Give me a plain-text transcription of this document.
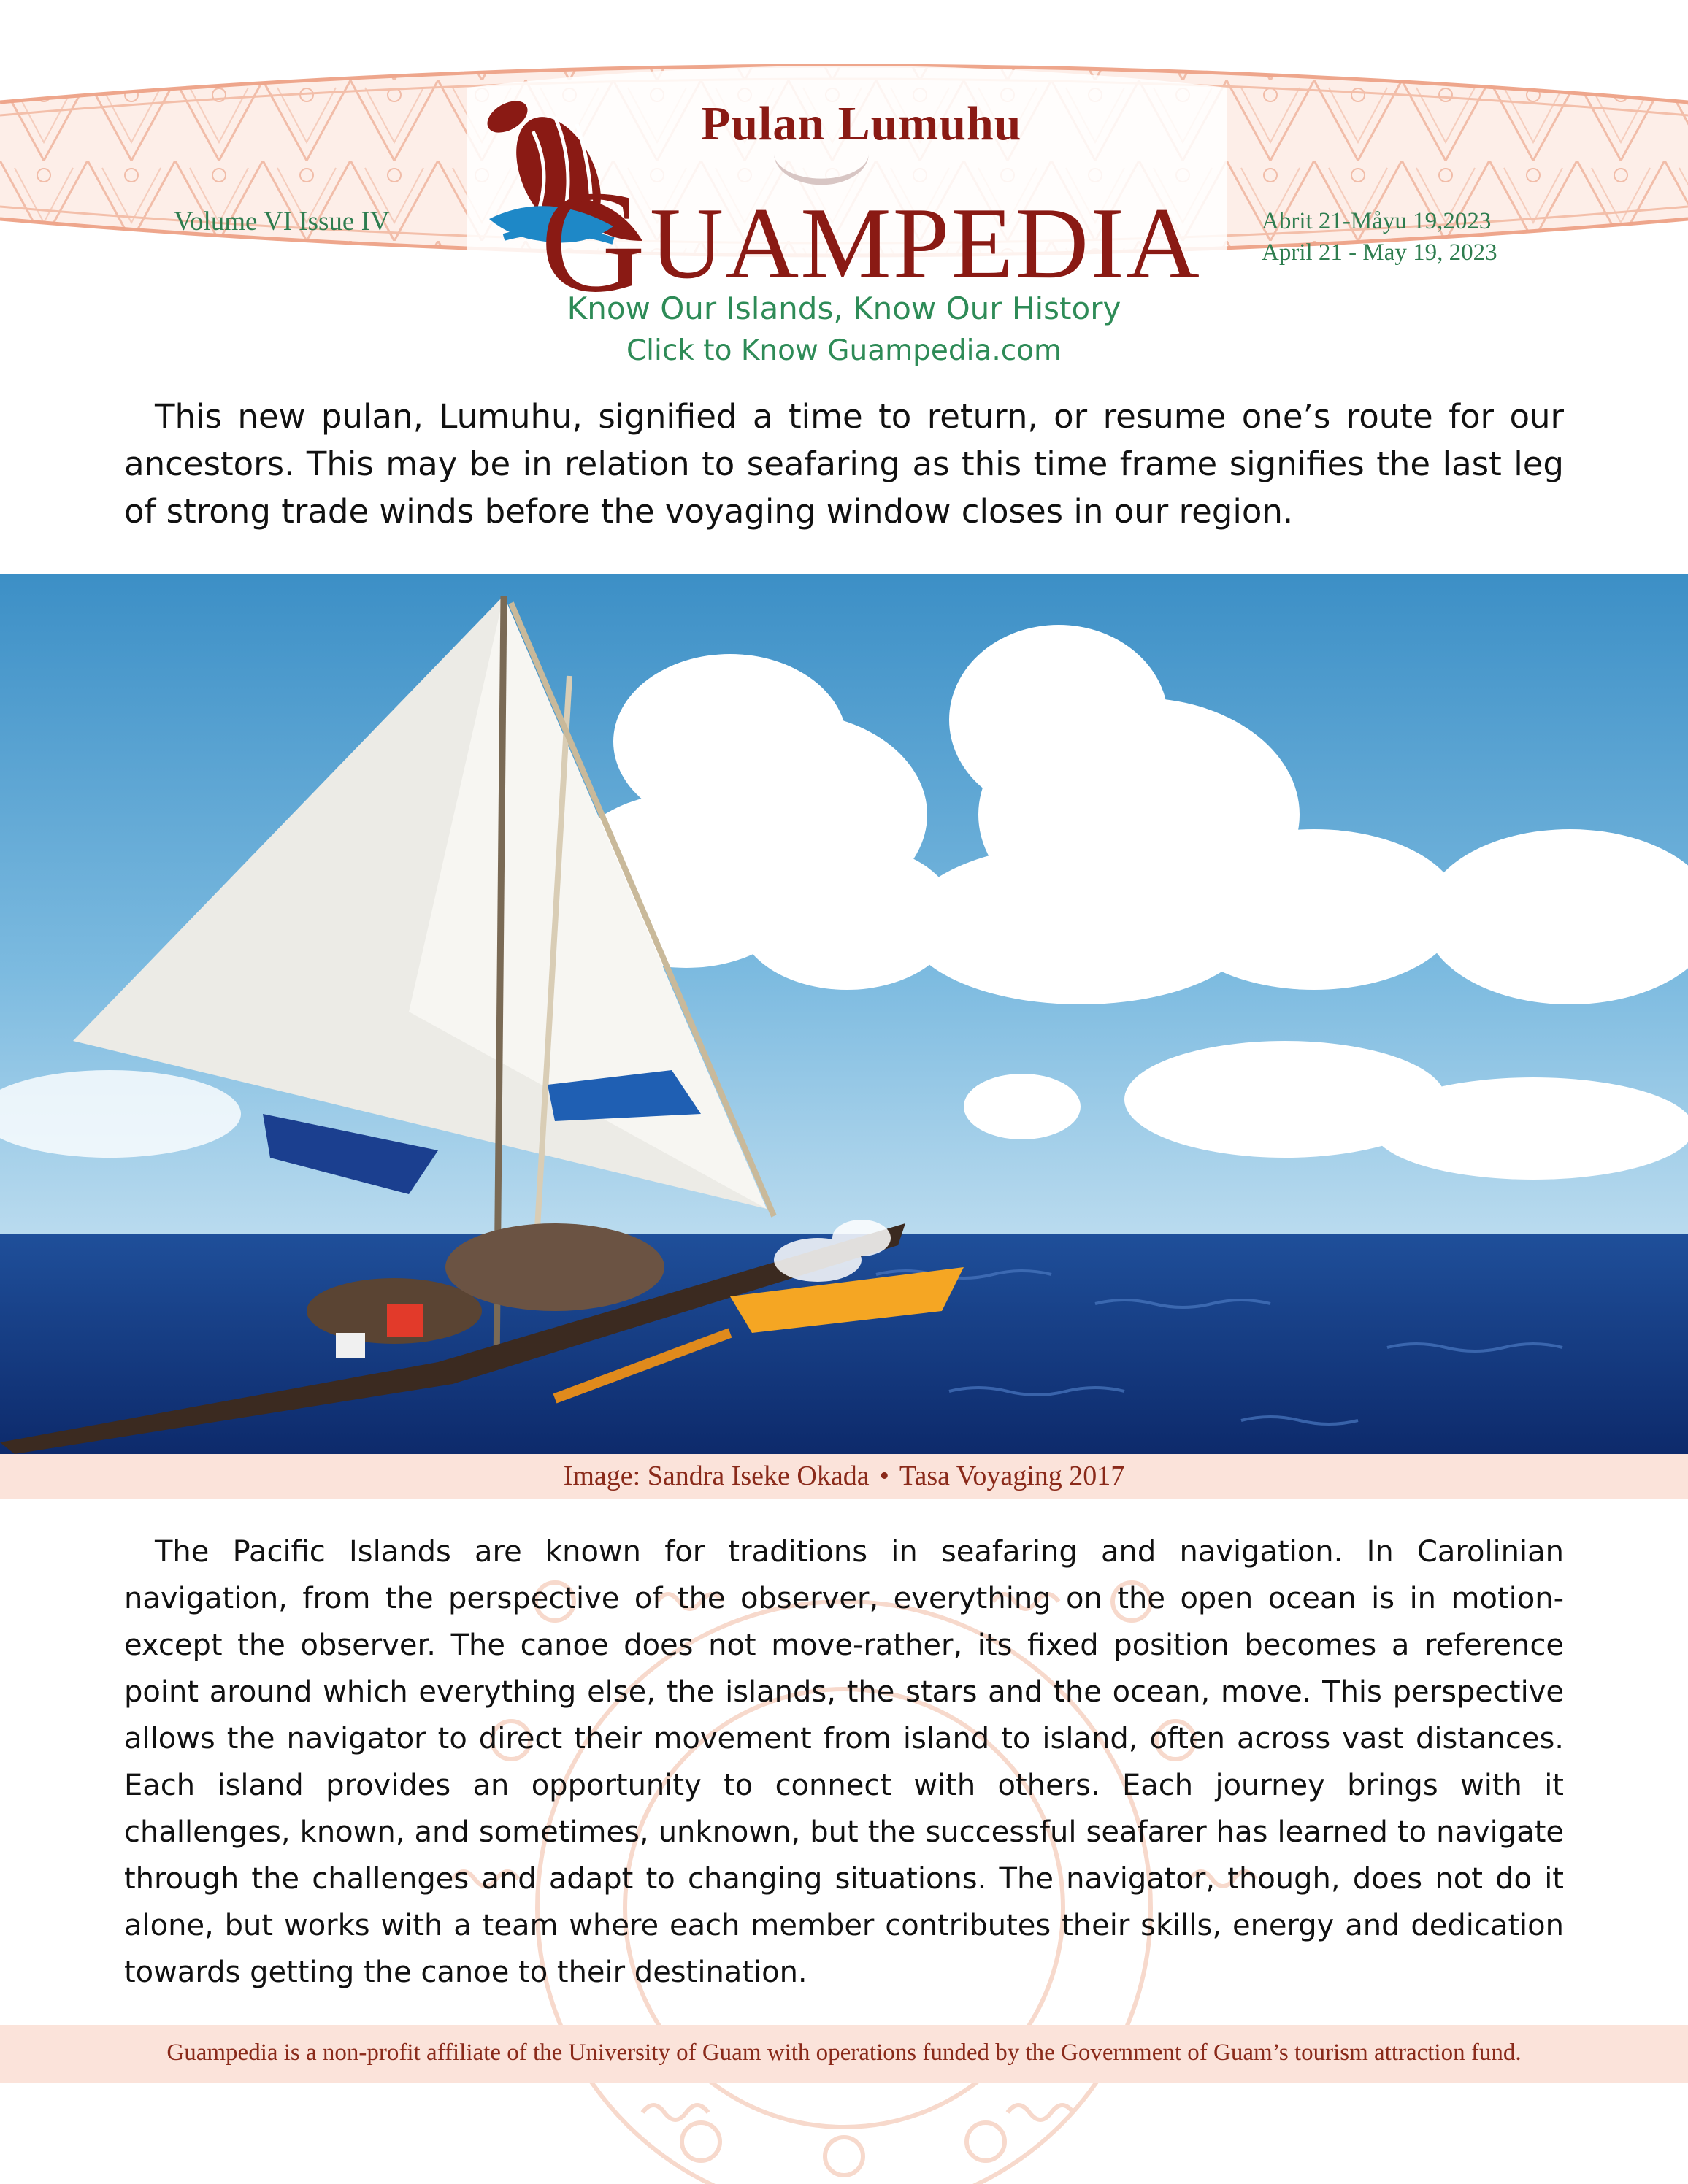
Pulan Lumuhu
G UAMPEDIA
Volume VI Issue IV	Abrit 21-Måyu 19,2023
April 21 - May 19, 2023
Know Our Islands, Know Our History
Click to Know Guampedia.com

This new pulan, Lumuhu, signified a time to return, or resume one’s route for our ancestors. This may be in relation to seafaring as this time frame signifies the last leg of strong trade winds before the voyaging window closes in our region.

Image: Sandra Iseke Okada • Tasa Voyaging 2017

The Pacific Islands are known for traditions in seafaring and navigation. In Carolinian navigation, from the perspective of the observer, everything on the open ocean is in motion-except the observer. The canoe does not move-rather, its fixed position becomes a reference point around which everything else, the islands, the stars and the ocean, move. This perspective allows the navigator to direct their movement from island to island, often across vast distances. Each island provides an opportunity to connect with others. Each journey brings with it challenges, known, and sometimes, unknown, but the successful seafarer has learned to navigate through the challenges and adapt to changing situations. The navigator, though, does not do it alone, but works with a team where each member contributes their skills, energy and dedication towards getting the canoe to their destination.

Guampedia is a non-profit affiliate of the University of Guam with operations funded by the Government of Guam’s tourism attraction fund.
